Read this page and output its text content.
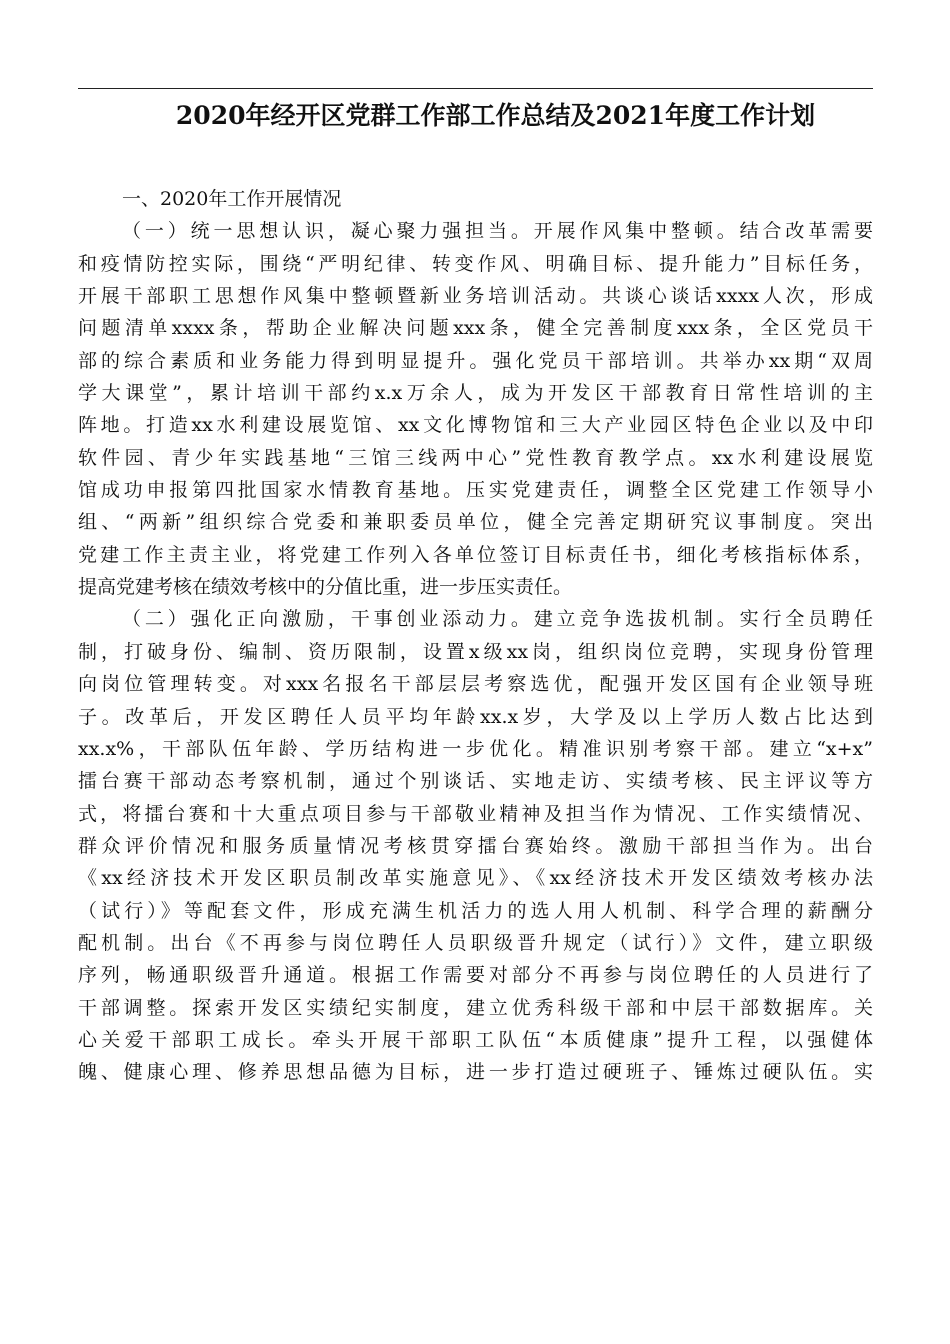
2020年经开区党群工作部工作总结及2021年度工作计划
一、2020年工作开展情况
（一）统一思想认识，凝心聚力强担当。开展作风集中整顿。结合改革需要
和疫情防控实际，围绕“严明纪律、转变作风、明确目标、提升能力”目标任务，
开展干部职工思想作风集中整顿暨新业务培训活动。共谈心谈话xxxx人次，形成
问题清单xxxx条，帮助企业解决问题xxx条，健全完善制度xxx条，全区党员干
部的综合素质和业务能力得到明显提升。强化党员干部培训。共举办xx期“双周
学大课堂”，累计培训干部约x.x万余人，成为开发区干部教育日常性培训的主
阵地。打造xx水利建设展览馆、xx文化博物馆和三大产业园区特色企业以及中印
软件园、青少年实践基地“三馆三线两中心”党性教育教学点。xx水利建设展览
馆成功申报第四批国家水情教育基地。压实党建责任，调整全区党建工作领导小
组、“两新”组织综合党委和兼职委员单位，健全完善定期研究议事制度。突出
党建工作主责主业，将党建工作列入各单位签订目标责任书，细化考核指标体系，
提高党建考核在绩效考核中的分值比重，进一步压实责任。
（二）强化正向激励，干事创业添动力。建立竞争选拔机制。实行全员聘任
制，打破身份、编制、资历限制，设置x级xx岗，组织岗位竞聘，实现身份管理
向岗位管理转变。对xxx名报名干部层层考察选优，配强开发区国有企业领导班
子。改革后，开发区聘任人员平均年龄xx.x岁，大学及以上学历人数占比达到
xx.x%，干部队伍年龄、学历结构进一步优化。精准识别考察干部。建立“x+x”
擂台赛干部动态考察机制，通过个别谈话、实地走访、实绩考核、民主评议等方
式，将擂台赛和十大重点项目参与干部敬业精神及担当作为情况、工作实绩情况、
群众评价情况和服务质量情况考核贯穿擂台赛始终。激励干部担当作为。出台
《xx经济技术开发区职员制改革实施意见》、《xx经济技术开发区绩效考核办法
（试行）》等配套文件，形成充满生机活力的选人用人机制、科学合理的薪酬分
配机制。出台《不再参与岗位聘任人员职级晋升规定（试行）》文件，建立职级
序列，畅通职级晋升通道。根据工作需要对部分不再参与岗位聘任的人员进行了
干部调整。探索开发区实绩纪实制度，建立优秀科级干部和中层干部数据库。关
心关爱干部职工成长。牵头开展干部职工队伍“本质健康”提升工程，以强健体
魄、健康心理、修养思想品德为目标，进一步打造过硬班子、锤炼过硬队伍。实
